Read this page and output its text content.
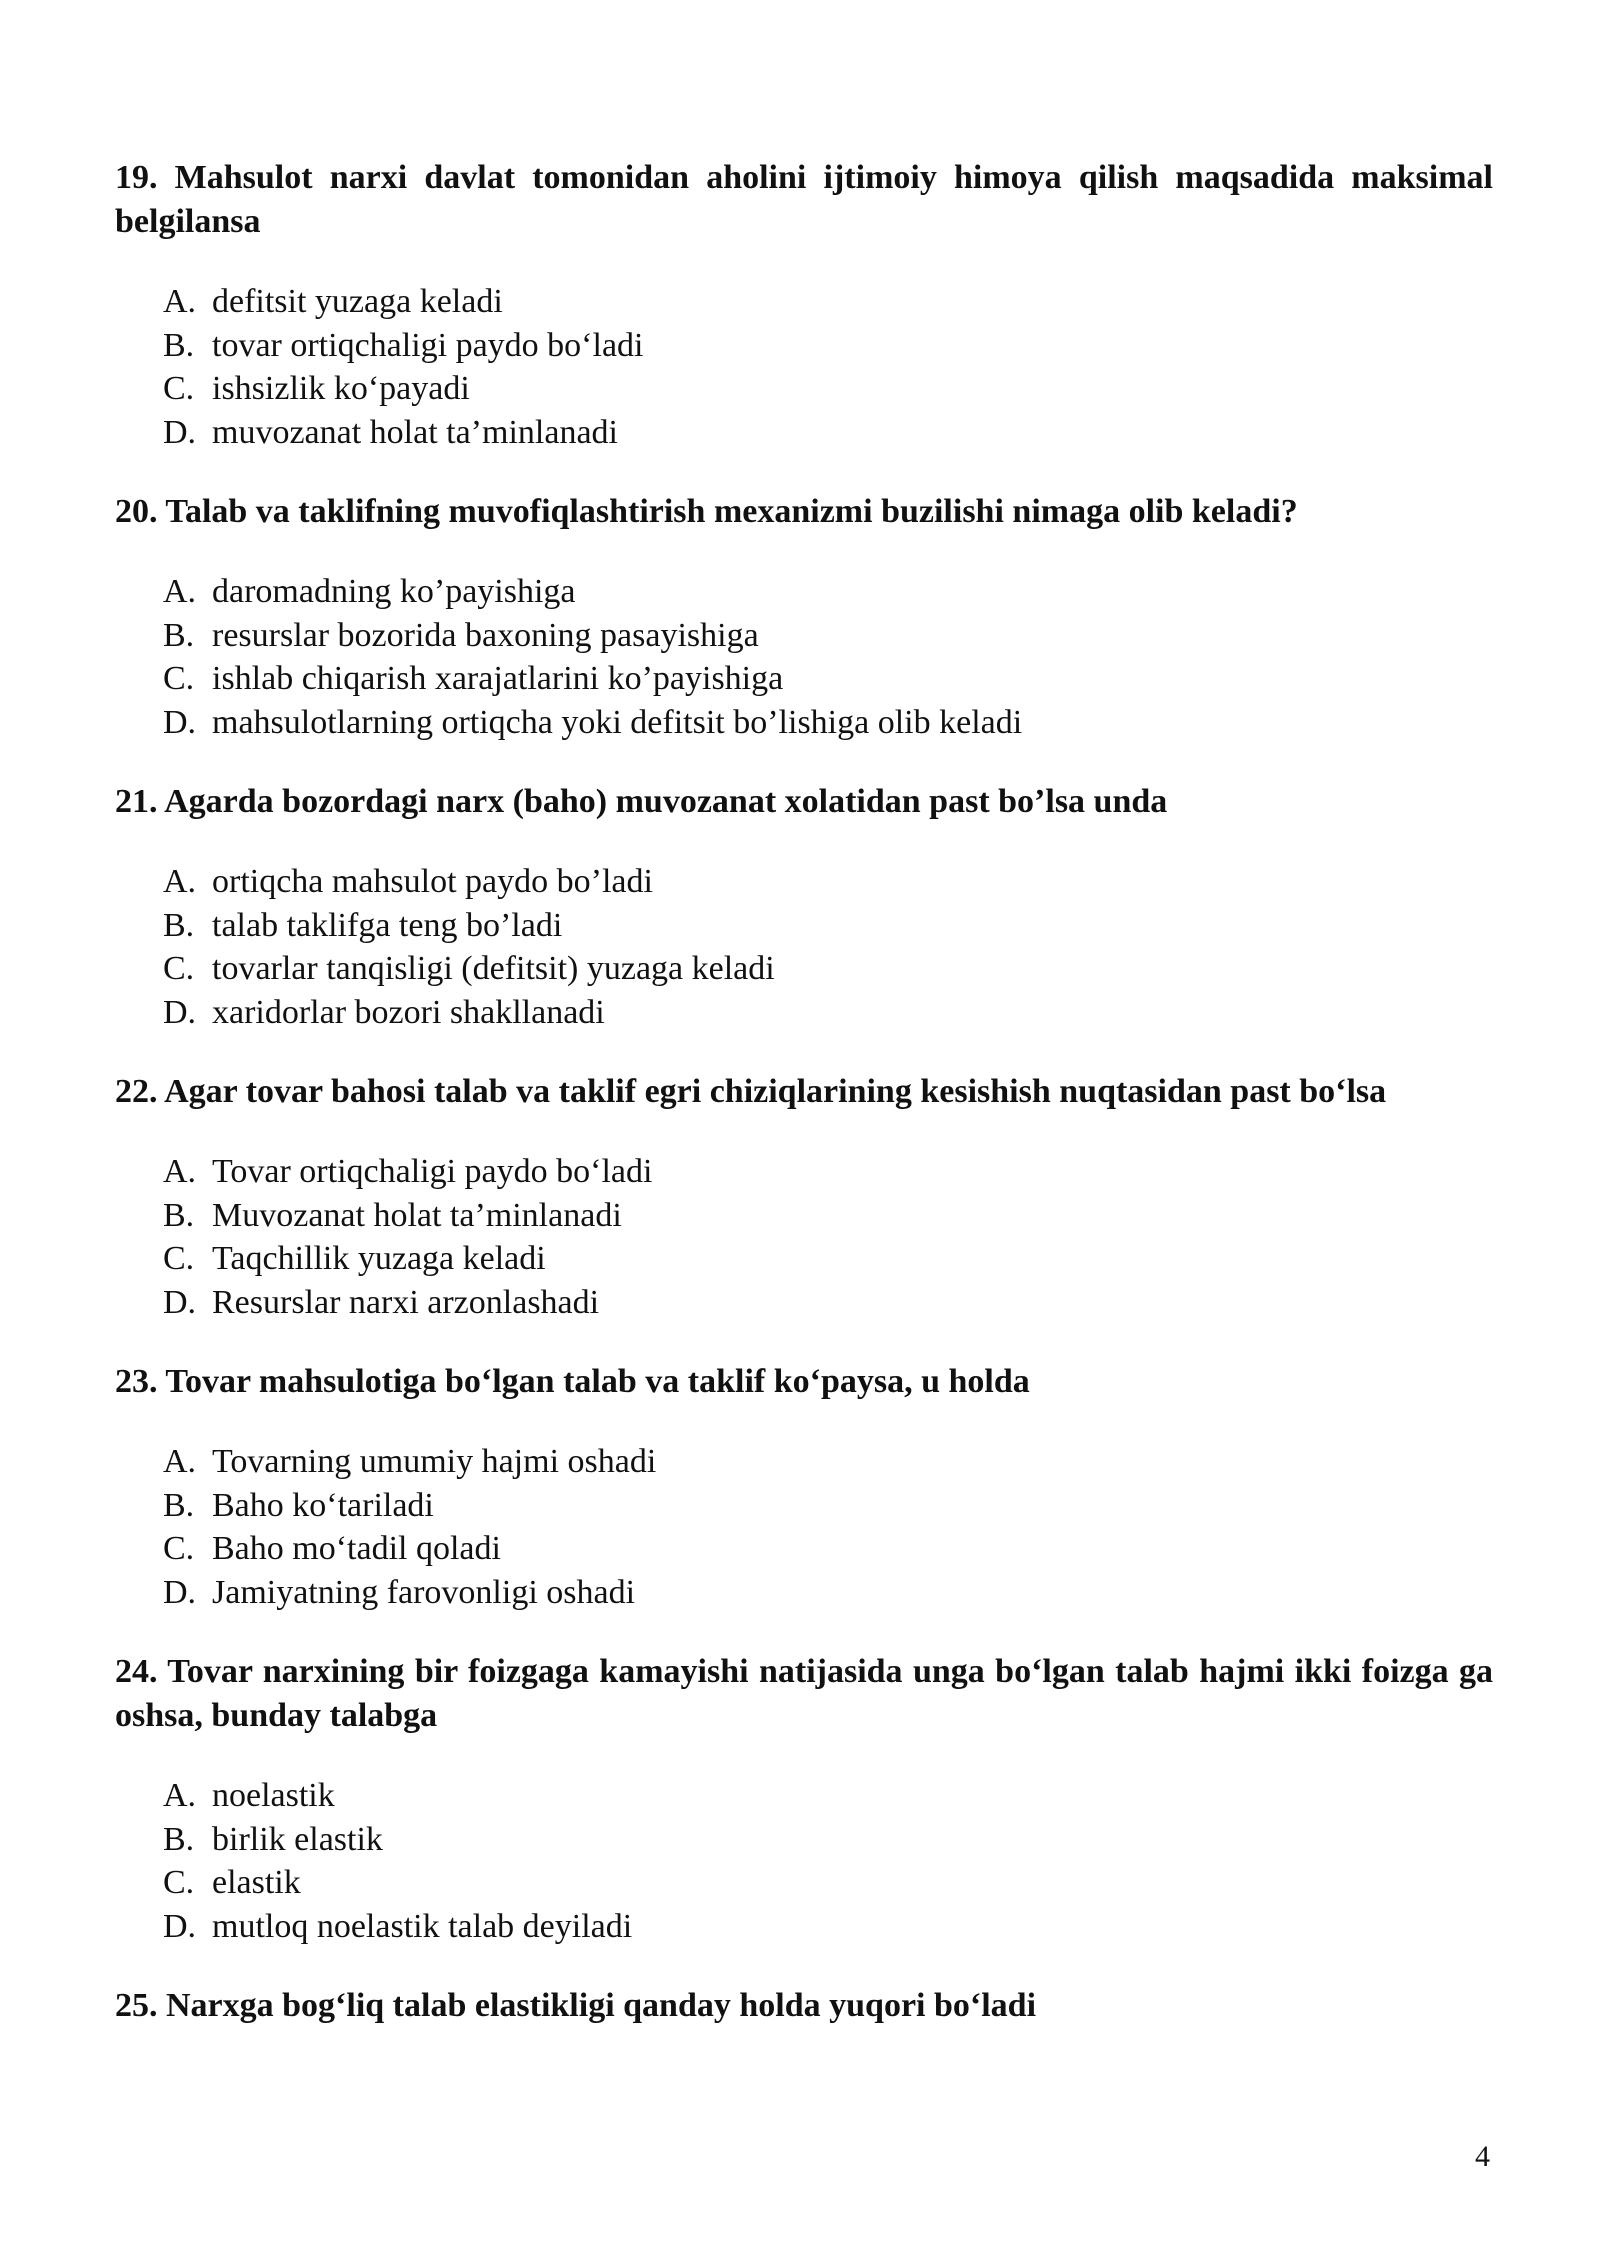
19. Mahsulot narxi davlat tomonidan aholini ijtimoiy himoya qilish maqsadida maksimal belgilansa

A. defitsit yuzaga keladi
B. tovar ortiqchaligi paydo bo‘ladi
C. ishsizlik ko‘payadi
D. muvozanat holat ta’minlanadi

20. Talab va taklifning muvofiqlashtirish mexanizmi buzilishi nimaga olib keladi?

A. daromadning ko’payishiga
B. resurslar bozorida baxoning pasayishiga
C. ishlab chiqarish xarajatlarini ko’payishiga
D. mahsulotlarning ortiqcha yoki defitsit bo’lishiga olib keladi

21. Agarda bozordagi narx (baho) muvozanat xolatidan past bo’lsa unda

A. ortiqcha mahsulot paydo bo’ladi
B. talab taklifga teng bo’ladi
C. tovarlar tanqisligi (defitsit) yuzaga keladi
D. xaridorlar bozori shakllanadi

22. Agar tovar bahosi talab va taklif egri chiziqlarining kesishish nuqtasidan past bo‘lsa

A. Tovar ortiqchaligi paydo bo‘ladi
B. Muvozanat holat ta’minlanadi
C. Taqchillik yuzaga keladi
D. Resurslar narxi arzonlashadi

23. Tovar mahsulotiga bo‘lgan talab va taklif ko‘paysa, u holda

A. Tovarning umumiy hajmi oshadi
B. Baho ko‘tariladi
C. Baho mo‘tadil qoladi
D. Jamiyatning farovonligi oshadi

24. Tovar narxining bir foizgaga kamayishi natijasida unga bo‘lgan talab hajmi ikki foizga ga oshsa, bunday talabga

A. noelastik
B. birlik elastik
C. elastik
D. mutloq noelastik talab deyiladi

25. Narxga bog‘liq talab elastikligi qanday holda yuqori bo‘ladi

4
